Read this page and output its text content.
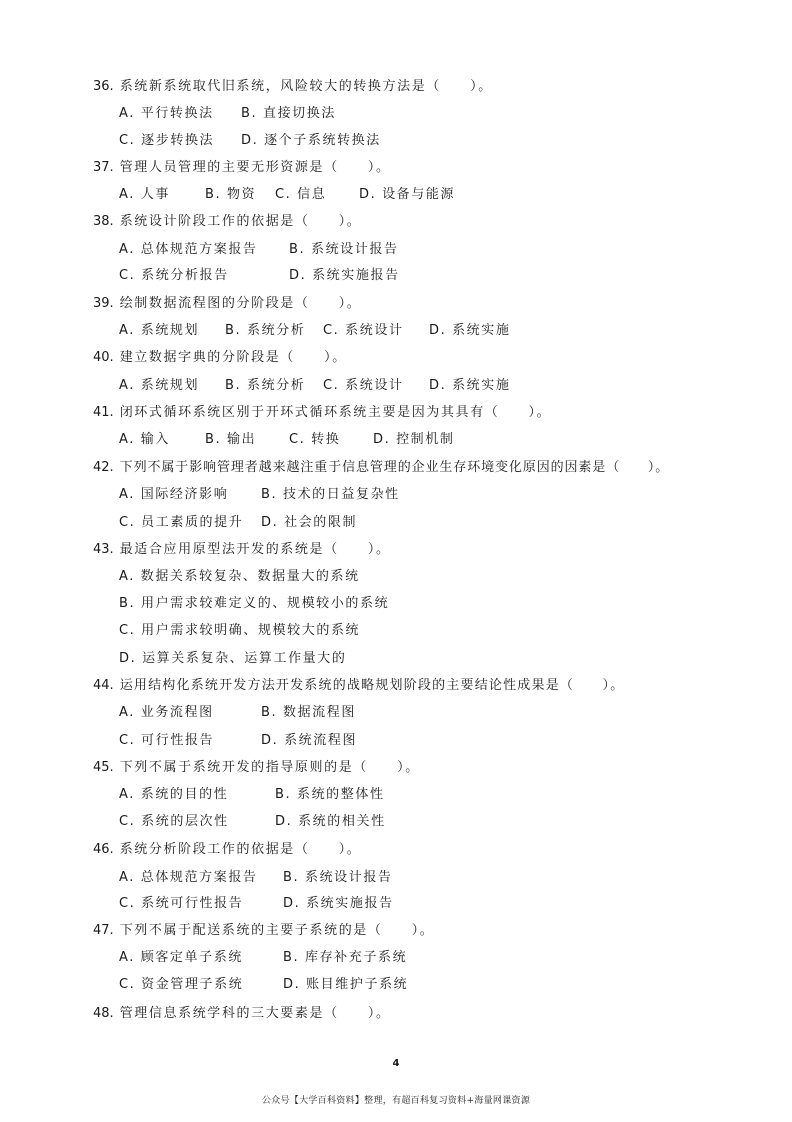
36. 系统新系统取代旧系统，风险较大的转换方法是（　　）。
A. 平行转换法 B. 直接切换法
C. 逐步转换法 D. 逐个子系统转换法
37. 管理人员管理的主要无形资源是（　　）。
A. 人事	B. 物资 C. 信息	D. 设备与能源
38. 系统设计阶段工作的依据是（　　）。
A. 总体规范方案报告 B. 系统设计报告
C. 系统分析报告	D. 系统实施报告
39. 绘制数据流程图的分阶段是（　　）。
A. 系统规划 B. 系统分析 C. 系统设计 D. 系统实施
40. 建立数据字典的分阶段是（　　）。
A. 系统规划 B. 系统分析 C. 系统设计 D. 系统实施
41. 闭环式循环系统区别于开环式循环系统主要是因为其具有（　　）。
A. 输入	B. 输出	C. 转换	D. 控制机制
42. 下列不属于影响管理者越来越注重于信息管理的企业生存环境变化原因的因素是（　　）。
A. 国际经济影响	B. 技术的日益复杂性
C. 员工素质的提升 D. 社会的限制
43. 最适合应用原型法开发的系统是（　　）。
A. 数据关系较复杂、数据量大的系统
B. 用户需求较难定义的、规模较小的系统
C. 用户需求较明确、规模较大的系统
D. 运算关系复杂、运算工作量大的
44. 运用结构化系统开发方法开发系统的战略规划阶段的主要结论性成果是（　　）。
A. 业务流程图	B. 数据流程图
C. 可行性报告	D. 系统流程图
45. 下列不属于系统开发的指导原则的是（　　）。
A. 系统的目的性	B. 系统的整体性
C. 系统的层次性	D. 系统的相关性
46. 系统分析阶段工作的依据是（　　）。
A. 总体规范方案报告 B. 系统设计报告
C. 系统可行性报告	D. 系统实施报告
47. 下列不属于配送系统的主要子系统的是（　　）。
A. 顾客定单子系统	B. 库存补充子系统
C. 资金管理子系统	D. 账目维护子系统
48. 管理信息系统学科的三大要素是（　　）。
4
公众号【大学百科资料】整理，有超百科复习资料+海量网课资源
